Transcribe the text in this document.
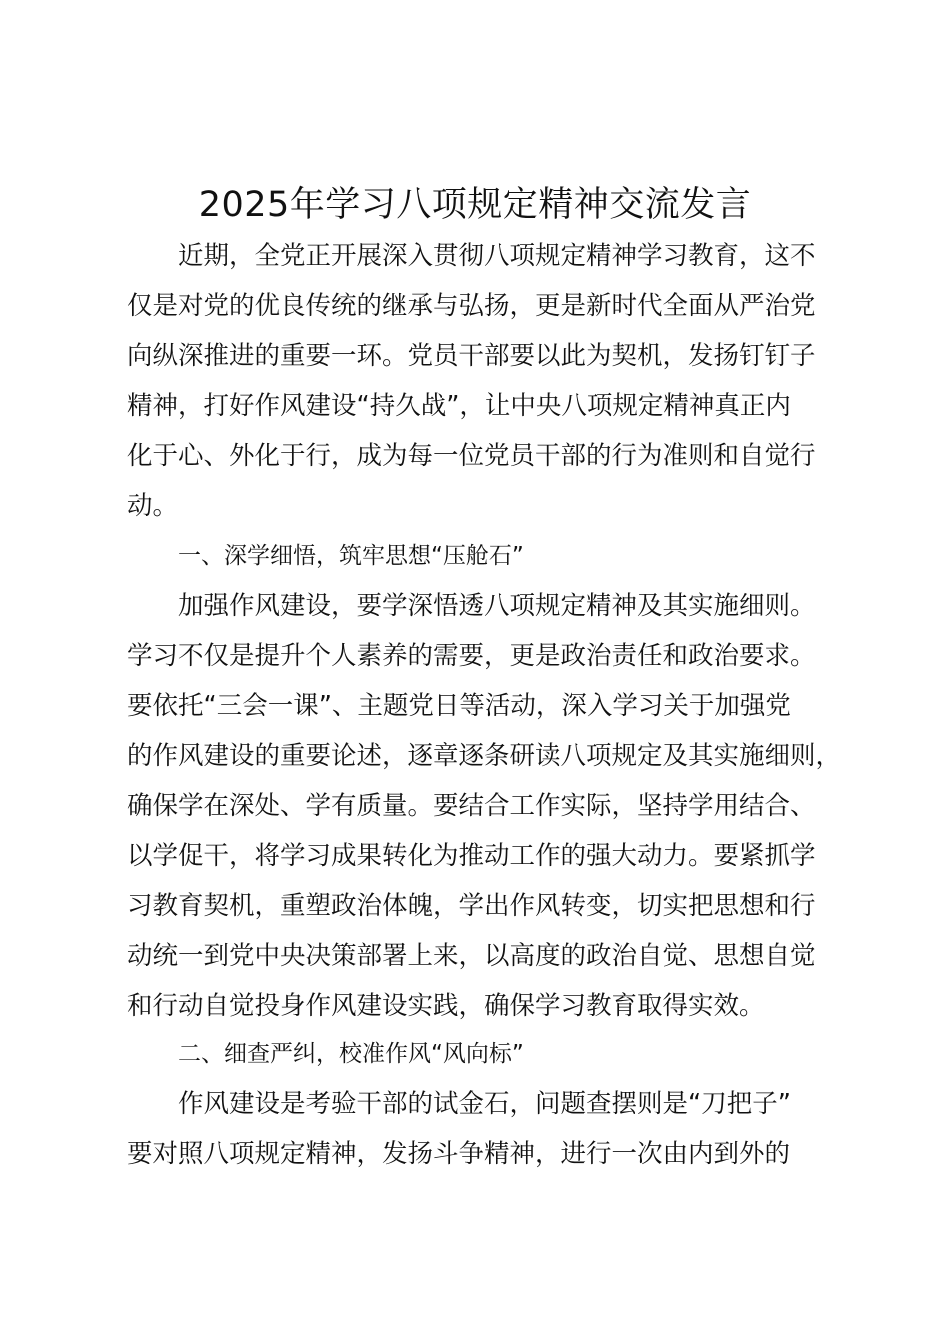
2025年学习八项规定精神交流发言
　　近期，全党正开展深入贯彻八项规定精神学习教育，这不
仅是对党的优良传统的继承与弘扬，更是新时代全面从严治党
向纵深推进的重要一环。党员干部要以此为契机，发扬钉钉子
精神，打好作风建设“持久战”，让中央八项规定精神真正内
化于心、外化于行，成为每一位党员干部的行为准则和自觉行
动。
一、深学细悟，筑牢思想“压舱石”
　　加强作风建设，要学深悟透八项规定精神及其实施细则。
学习不仅是提升个人素养的需要，更是政治责任和政治要求。
要依托“三会一课”、主题党日等活动，深入学习关于加强党
的作风建设的重要论述，逐章逐条研读八项规定及其实施细则，
确保学在深处、学有质量。要结合工作实际，坚持学用结合、
以学促干，将学习成果转化为推动工作的强大动力。要紧抓学
习教育契机，重塑政治体魄，学出作风转变，切实把思想和行
动统一到党中央决策部署上来，以高度的政治自觉、思想自觉
和行动自觉投身作风建设实践，确保学习教育取得实效。
二、细查严纠，校准作风“风向标”
　　作风建设是考验干部的试金石，问题查摆则是“刀把子”
要对照八项规定精神，发扬斗争精神，进行一次由内到外的
